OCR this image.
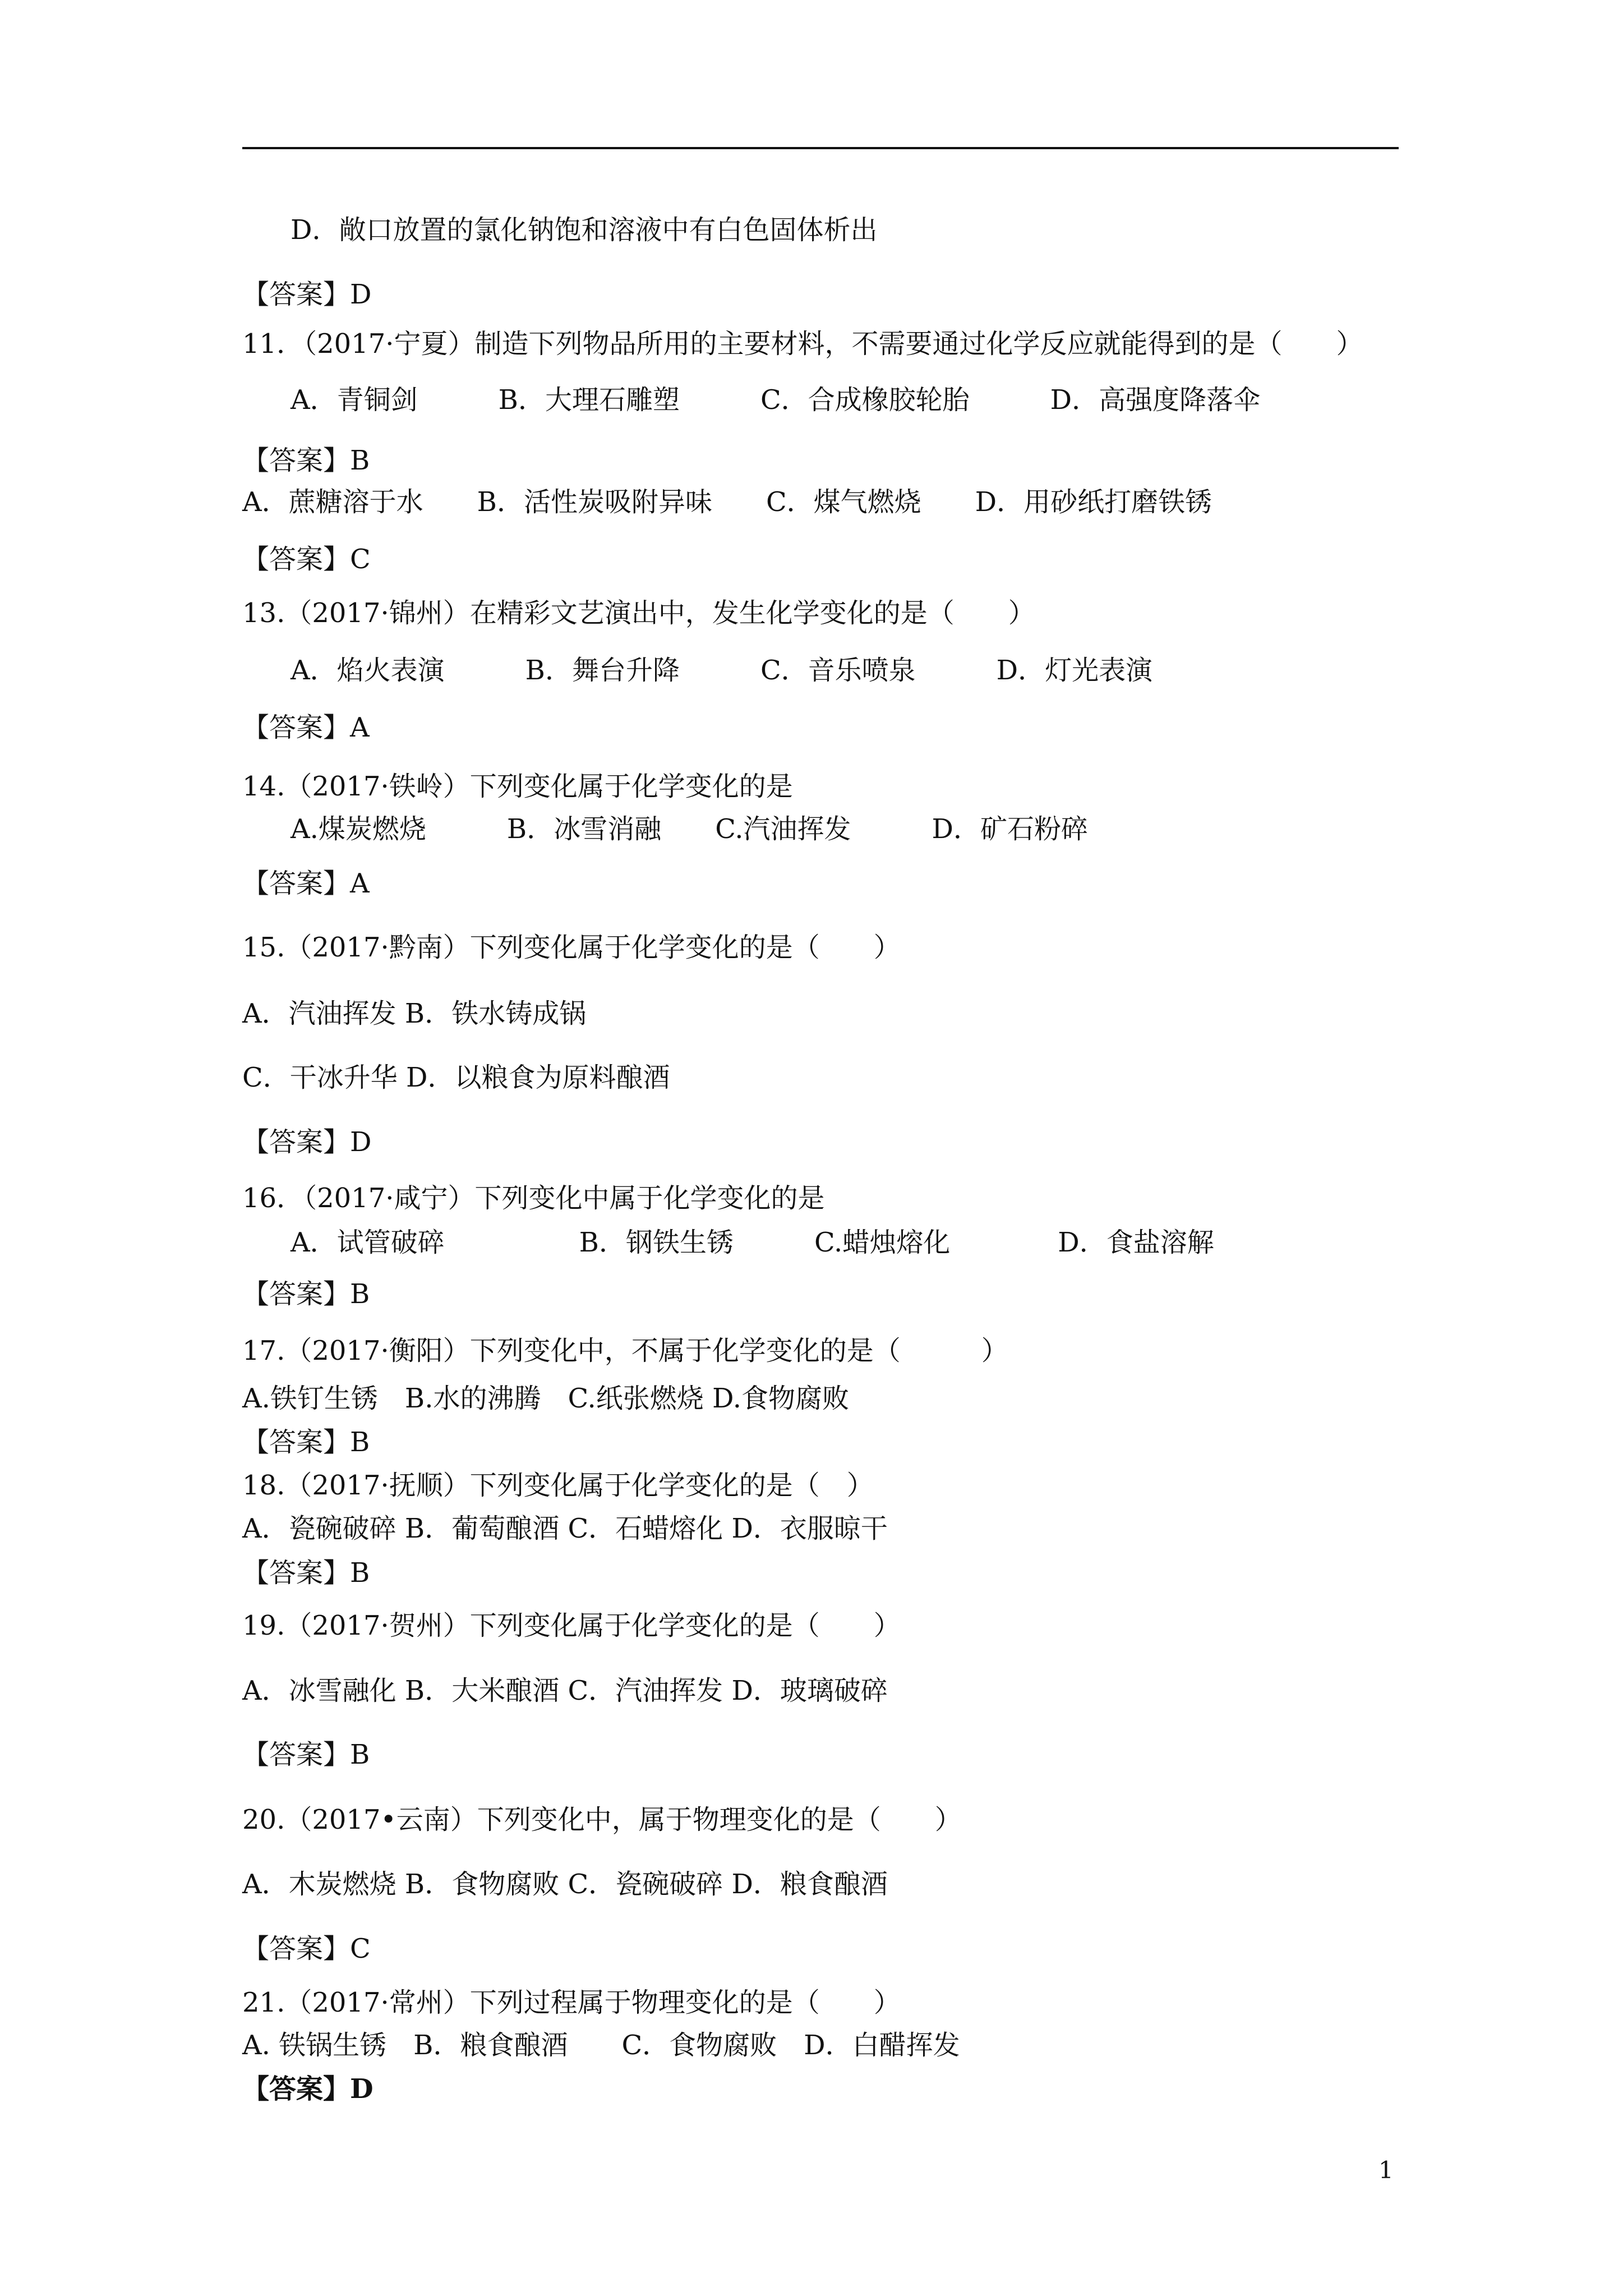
D．敞口放置的氯化钠饱和溶液中有白色固体析出
【答案】D
11．（2017·宁夏）制造下列物品所用的主要材料，不需要通过化学反应就能得到的是（　　）
A．青铜剑　　　B．大理石雕塑　　　C．合成橡胶轮胎　　　D．高强度降落伞
【答案】B
A．蔗糖溶于水　　B．活性炭吸附异味　　C．煤气燃烧　　D．用砂纸打磨铁锈
【答案】C
13.（2017·锦州）在精彩文艺演出中，发生化学变化的是（　　）
A．焰火表演　　　B．舞台升降　　　C．音乐喷泉　　　D．灯光表演
【答案】A
14.（2017·铁岭）下列变化属于化学变化的是
A.煤炭燃烧　　　B．冰雪消融　　C.汽油挥发　　　D．矿石粉碎
【答案】A
15.（2017·黔南）下列变化属于化学变化的是（　　）
A．汽油挥发 B．铁水铸成锅
C．干冰升华 D．以粮食为原料酿酒
【答案】D
16．（2017·咸宁）下列变化中属于化学变化的是
A．试管破碎　　　　　B．钢铁生锈　　　C.蜡烛熔化　　　　D．食盐溶解
【答案】B
17.（2017·衡阳）下列变化中，不属于化学变化的是（　　　）
A.铁钉生锈　B.水的沸腾　C.纸张燃烧 D.食物腐败
【答案】B
18.（2017·抚顺）下列变化属于化学变化的是（　）
A．瓷碗破碎 B．葡萄酿酒 C．石蜡熔化 D．衣服晾干
【答案】B
19.（2017·贺州）下列变化属于化学变化的是（　　）
A．冰雪融化 B．大米酿酒 C．汽油挥发 D．玻璃破碎
【答案】B
20.（2017•云南）下列变化中，属于物理变化的是（　　）
A．木炭燃烧 B．食物腐败 C．瓷碗破碎 D．粮食酿酒
【答案】C
21.（2017·常州）下列过程属于物理变化的是（　　）
A. 铁锅生锈　B．粮食酿酒　　C．食物腐败　D．白醋挥发
【答案】D
1
